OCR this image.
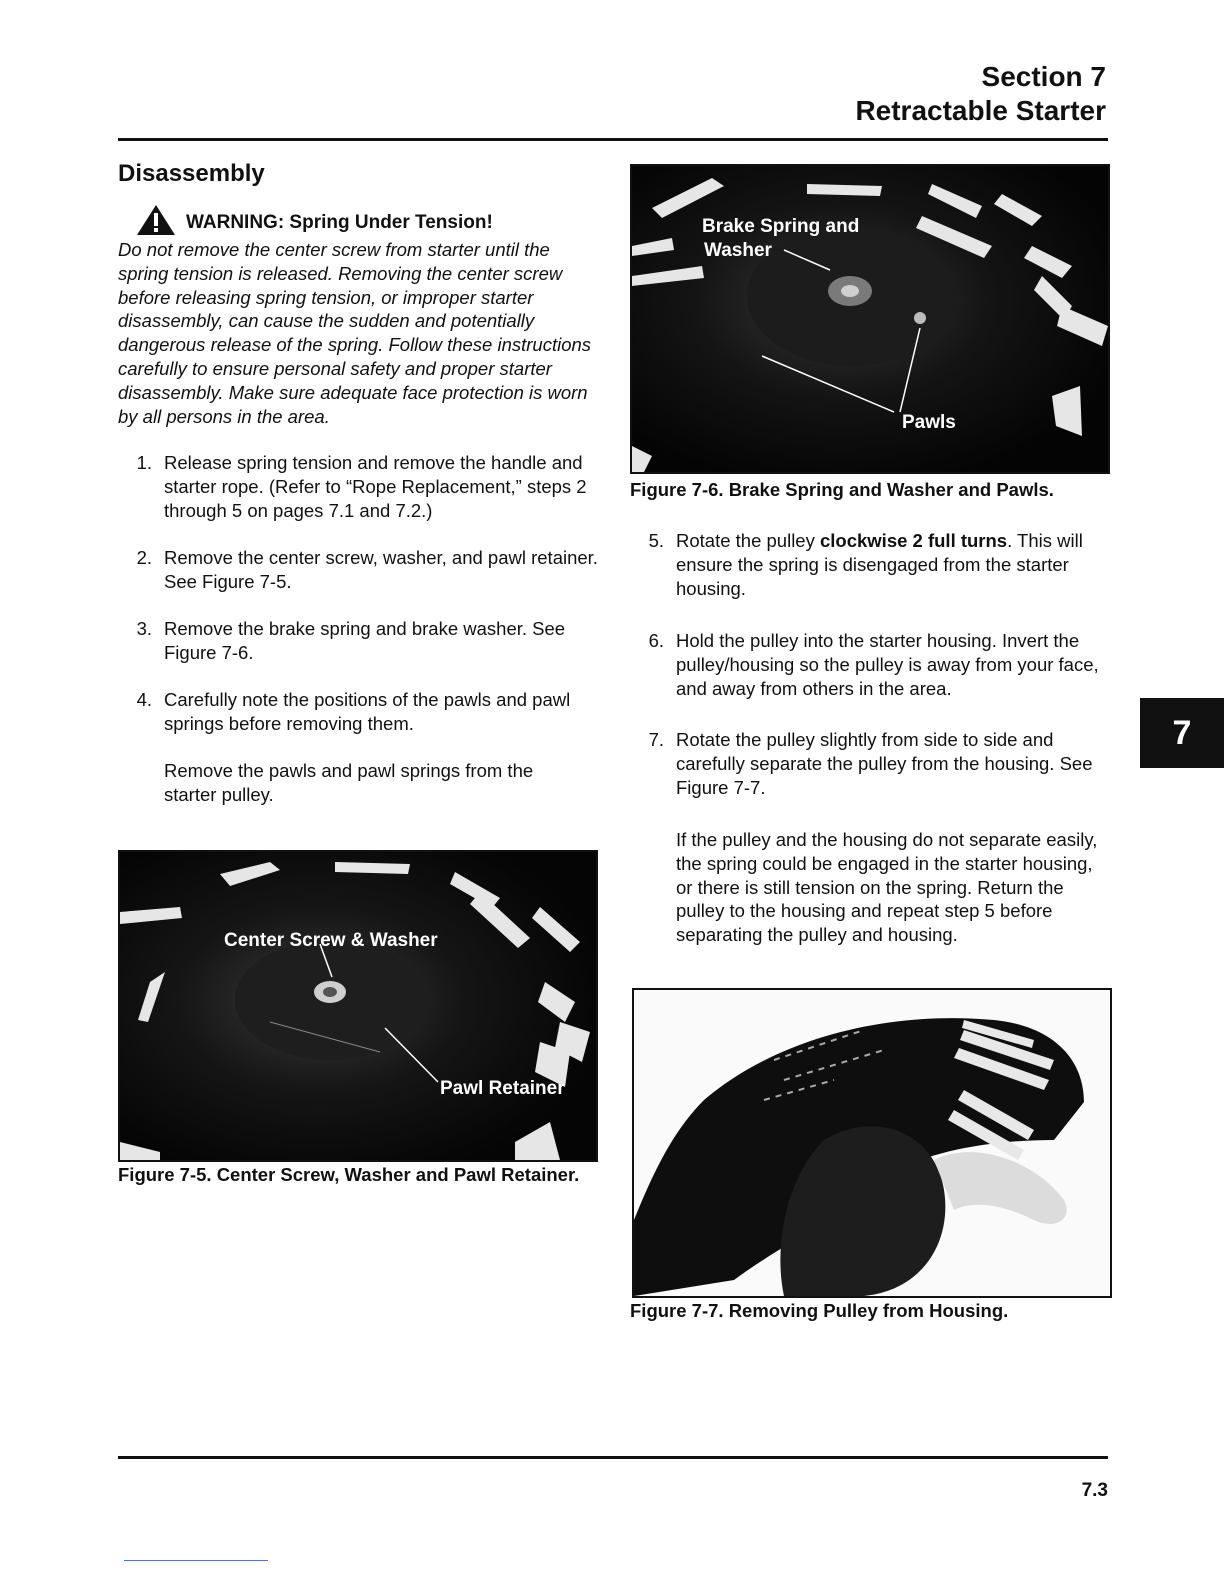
Section 7
Retractable Starter
Disassembly
WARNING: Spring Under Tension!
Do not remove the center screw from starter until the spring tension is released. Removing the center screw before releasing spring tension, or improper starter disassembly, can cause the sudden and potentially dangerous release of the spring. Follow these instructions carefully to ensure personal safety and proper starter disassembly. Make sure adequate face protection is worn by all persons in the area.
1. Release spring tension and remove the handle and starter rope. (Refer to “Rope Replacement,” steps 2 through 5 on pages 7.1 and 7.2.)
2. Remove the center screw, washer, and pawl retainer. See Figure 7-5.
3. Remove the brake spring and brake washer. See Figure 7-6.
4. Carefully note the positions of the pawls and pawl springs before removing them.
Remove the pawls and pawl springs from the starter pulley.
Center Screw & Washer
Pawl Retainer
Figure 7-5. Center Screw, Washer and Pawl Retainer.
Brake Spring and
Washer
Pawls
Figure 7-6. Brake Spring and Washer and Pawls.
5. Rotate the pulley clockwise 2 full turns. This will ensure the spring is disengaged from the starter housing.
6. Hold the pulley into the starter housing. Invert the pulley/housing so the pulley is away from your face, and away from others in the area.
7. Rotate the pulley slightly from side to side and carefully separate the pulley from the housing. See Figure 7-7.
If the pulley and the housing do not separate easily, the spring could be engaged in the starter housing, or there is still tension on the spring. Return the pulley to the housing and repeat step 5 before separating the pulley and housing.
Figure 7-7. Removing Pulley from Housing.
7
7.3
